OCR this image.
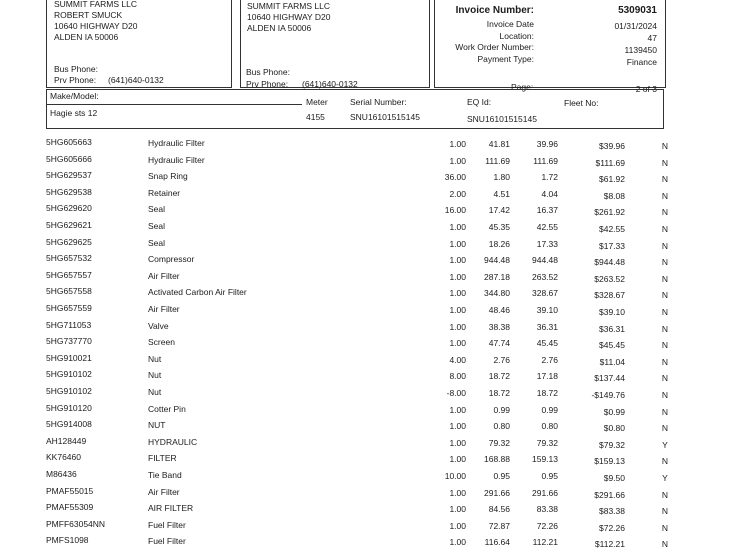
SUMMIT FARMS LLC
ROBERT SMUCK
10640 HIGHWAY D20
ALDEN IA 50006
Bus Phone:
Prv Phone: (641)640-0132
SUMMIT FARMS LLC
10640 HIGHWAY D20
ALDEN IA 50006
Bus Phone:
Prv Phone: (641)640-0132
Invoice Number:	5309031
Invoice Date	01/31/2024
Location:	47
Work Order Number:	1139450
Payment Type:	Finance
Page:	2 of 3
Make/Model:
Hagie sts 12
Meter
4155
Serial Number:
SNU16101515145
EQ Id:
SNU16101515145
Fleet No:
5HG605663	Hydraulic Filter	1.00	41.81	39.96	$39.96	N
5HG605666	Hydraulic Filter	1.00	111.69	111.69	$111.69	N
5HG629537	Snap Ring	36.00	1.80	1.72	$61.92	N
5HG629538	Retainer	2.00	4.51	4.04	$8.08	N
5HG629620	Seal	16.00	17.42	16.37	$261.92	N
5HG629621	Seal	1.00	45.35	42.55	$42.55	N
5HG629625	Seal	1.00	18.26	17.33	$17.33	N
5HG657532	Compressor	1.00	944.48	944.48	$944.48	N
5HG657557	Air Filter	1.00	287.18	263.52	$263.52	N
5HG657558	Activated Carbon Air Filter	1.00	344.80	328.67	$328.67	N
5HG657559	Air Filter	1.00	48.46	39.10	$39.10	N
5HG711053	Valve	1.00	38.38	36.31	$36.31	N
5HG737770	Screen	1.00	47.74	45.45	$45.45	N
5HG910021	Nut	4.00	2.76	2.76	$11.04	N
5HG910102	Nut	8.00	18.72	17.18	$137.44	N
5HG910102	Nut	-8.00	18.72	18.72	-$149.76	N
5HG910120	Cotter Pin	1.00	0.99	0.99	$0.99	N
5HG914008	NUT	1.00	0.80	0.80	$0.80	N
AH128449	HYDRAULIC	1.00	79.32	79.32	$79.32	Y
KK76460	FILTER	1.00	168.88	159.13	$159.13	N
M86436	Tie Band	10.00	0.95	0.95	$9.50	Y
PMAF55015	Air Filter	1.00	291.66	291.66	$291.66	N
PMAF55309	AIR FILTER	1.00	84.56	83.38	$83.38	N
PMFF63054NN	Fuel Filter	1.00	72.87	72.26	$72.26	N
PMFS1098	Fuel Filter	1.00	116.64	112.21	$112.21	N
